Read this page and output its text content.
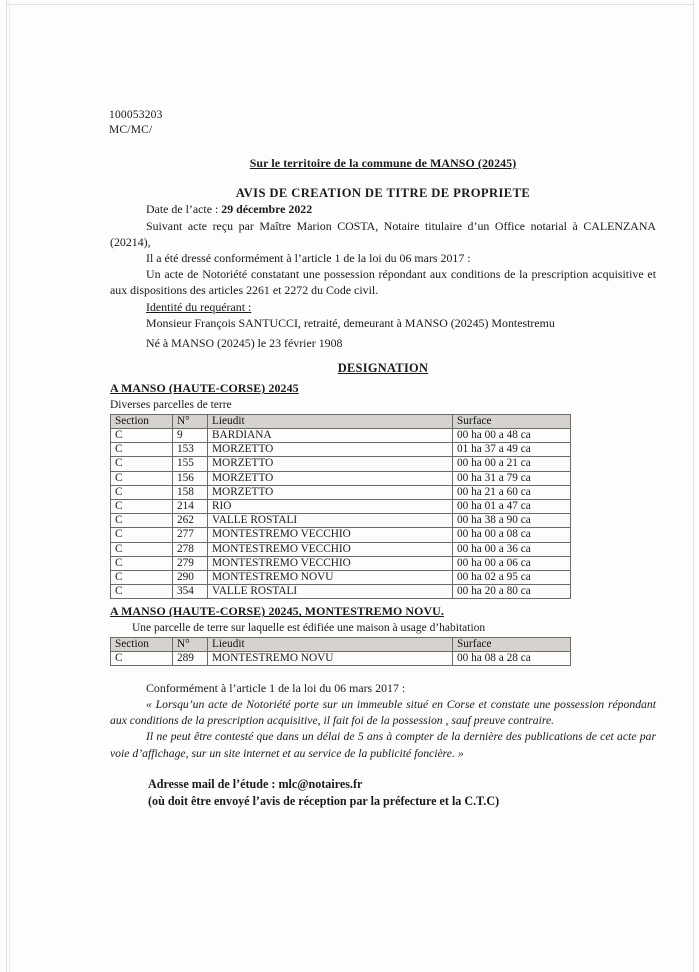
100053203
MC/MC/
Sur le territoire de la commune de MANSO (20245)
AVIS DE CREATION DE TITRE DE PROPRIETE
Date de l’acte : 29 décembre 2022

Suivant acte reçu par Maître Marion COSTA, Notaire titulaire d’un Office notarial à CALENZANA (20214),

Il a été dressé conformément à l’article 1 de la loi du 06 mars 2017 :

Un acte de Notoriété constatant une possession répondant aux conditions de la prescription acquisitive et aux dispositions des articles 2261 et 2272 du Code civil.

Identité du requérant :

Monsieur François SANTUCCI, retraité, demeurant à MANSO (20245) Montestremu

Né à MANSO (20245) le 23 février 1908
DESIGNATION
A MANSO (HAUTE-CORSE) 20245
Diverses parcelles de terre
Section	N°	Lieudit	Surface
C	9	BARDIANA	00 ha 00 a 48 ca
C	153	MORZETTO	01 ha 37 a 49 ca
C	155	MORZETTO	00 ha 00 a 21 ca
C	156	MORZETTO	00 ha 31 a 79 ca
C	158	MORZETTO	00 ha 21 a 60 ca
C	214	RIO	00 ha 01 a 47 ca
C	262	VALLE ROSTALI	00 ha 38 a 90 ca
C	277	MONTESTREMO VECCHIO	00 ha 00 a 08 ca
C	278	MONTESTREMO VECCHIO	00 ha 00 a 36 ca
C	279	MONTESTREMO VECCHIO	00 ha 00 a 06 ca
C	290	MONTESTREMO NOVU	00 ha 02 a 95 ca
C	354	VALLE ROSTALI	00 ha 20 a 80 ca
A MANSO (HAUTE-CORSE) 20245, MONTESTREMO NOVU.
Une parcelle de terre sur laquelle est édifiée une maison à usage d’habitation
Section	N°	Lieudit	Surface
C	289	MONTESTREMO NOVU	00 ha 08 a 28 ca
Conformément à l’article 1 de la loi du 06 mars 2017 :

« Lorsqu’un acte de Notoriété porte sur un immeuble situé en Corse et constate une possession répondant aux conditions de la prescription acquisitive, il fait foi de la possession , sauf preuve contraire.

Il ne peut être contesté que dans un délai de 5 ans à compter de la dernière des publications de cet acte par voie d’affichage, sur un site internet et au service de la publicité foncière. »

Adresse mail de l’étude : mlc@notaires.fr
(où doit être envoyé l’avis de réception par la préfecture et la C.T.C)
